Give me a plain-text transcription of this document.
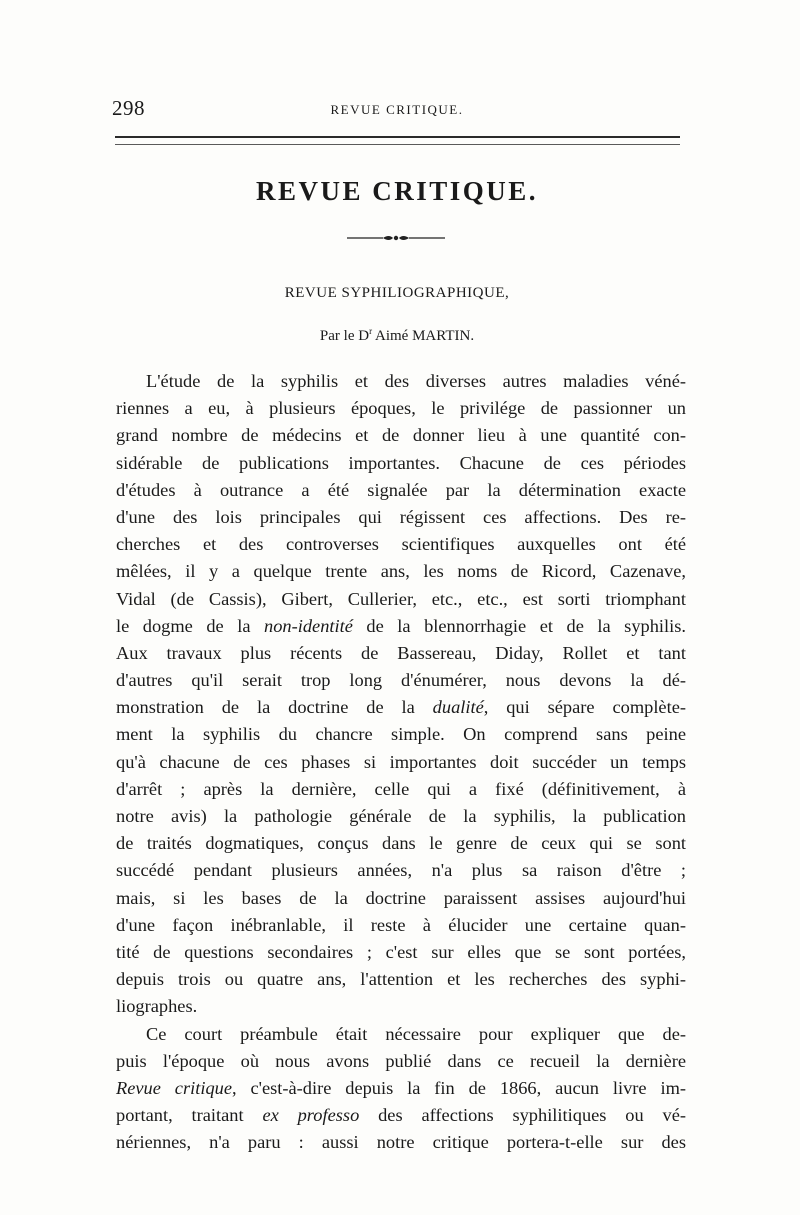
298	REVUE CRITIQUE.
REVUE CRITIQUE.
REVUE SYPHILIOGRAPHIQUE,
Par le $D^r$ Aimé MARTIN.
L'étude de la syphilis et des diverses autres maladies véné-
riennes a eu, à plusieurs époques, le privilége de passionner un
grand nombre de médecins et de donner lieu à une quantité con-
sidérable de publications importantes. Chacune de ces périodes
d'études à outrance a été signalée par la détermination exacte
d'une des lois principales qui régissent ces affections. Des re-
cherches et des controverses scientifiques auxquelles ont été
mêlées, il y a quelque trente ans, les noms de Ricord, Cazenave,
Vidal (de Cassis), Gibert, Cullerier, etc., etc., est sorti triomphant
le dogme de la non-identité de la blennorrhagie et de la syphilis.
Aux travaux plus récents de Bassereau, Diday, Rollet et tant
d'autres qu'il serait trop long d'énumérer, nous devons la dé-
monstration de la doctrine de la dualité, qui sépare complète-
ment la syphilis du chancre simple. On comprend sans peine
qu'à chacune de ces phases si importantes doit succéder un temps
d'arrêt ; après la dernière, celle qui a fixé (définitivement, à
notre avis) la pathologie générale de la syphilis, la publication
de traités dogmatiques, conçus dans le genre de ceux qui se sont
succédé pendant plusieurs années, n'a plus sa raison d'être ;
mais, si les bases de la doctrine paraissent assises aujourd'hui
d'une façon inébranlable, il reste à élucider une certaine quan-
tité de questions secondaires ; c'est sur elles que se sont portées,
depuis trois ou quatre ans, l'attention et les recherches des syphi-
liographes.
Ce court préambule était nécessaire pour expliquer que de-
puis l'époque où nous avons publié dans ce recueil la dernière
Revue critique, c'est-à-dire depuis la fin de 1866, aucun livre im-
portant, traitant ex professo des affections syphilitiques ou vé-
nériennes, n'a paru : aussi notre critique portera-t-elle sur des
